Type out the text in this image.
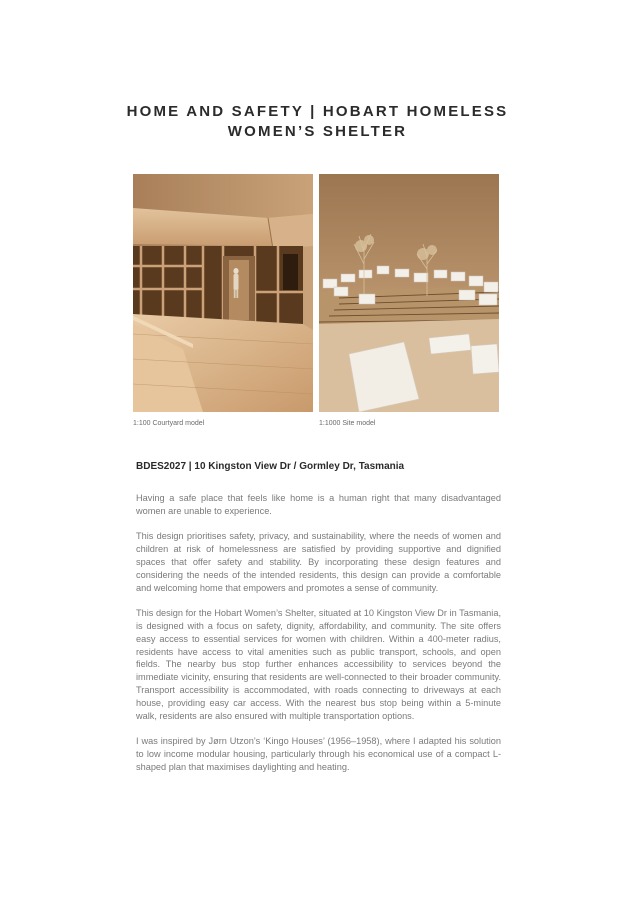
HOME AND SAFETY | HOBART HOMELESS
WOMEN’S SHELTER
1:100 Courtyard model	1:1000 Site model
BDES2027 | 10 Kingston View Dr / Gormley Dr, Tasmania

Having a safe place that feels like home is a human right that many disadvantaged women are unable to experience.

This design prioritises safety, privacy, and sustainability, where the needs of women and children at risk of homelessness are satisfied by providing supportive and dignified spaces that offer safety and stability. By incorporating these design features and considering the needs of the intended residents, this design can provide a comfortable and welcoming home that empowers and promotes a sense of community.

This design for the Hobart Women’s Shelter, situated at 10 Kingston View Dr in Tasmania, is designed with a focus on safety, dignity, affordability, and community. The site offers easy access to essential services for women with children. Within a 400-meter radius, residents have access to vital amenities such as public transport, schools, and open fields. The nearby bus stop further enhances accessibility to services beyond the immediate vicinity, ensuring that residents are well-connected to their broader community. Transport accessibility is accommodated, with roads connecting to driveways at each house, providing easy car access. With the nearest bus stop being within a 5-minute walk, residents are also ensured with multiple transportation options.

I was inspired by Jørn Utzon’s ‘Kingo Houses’ (1956–1958), where I adapted his solution to low income modular housing, particularly through his economical use of a compact L-shaped plan that maximises daylighting and heating.
